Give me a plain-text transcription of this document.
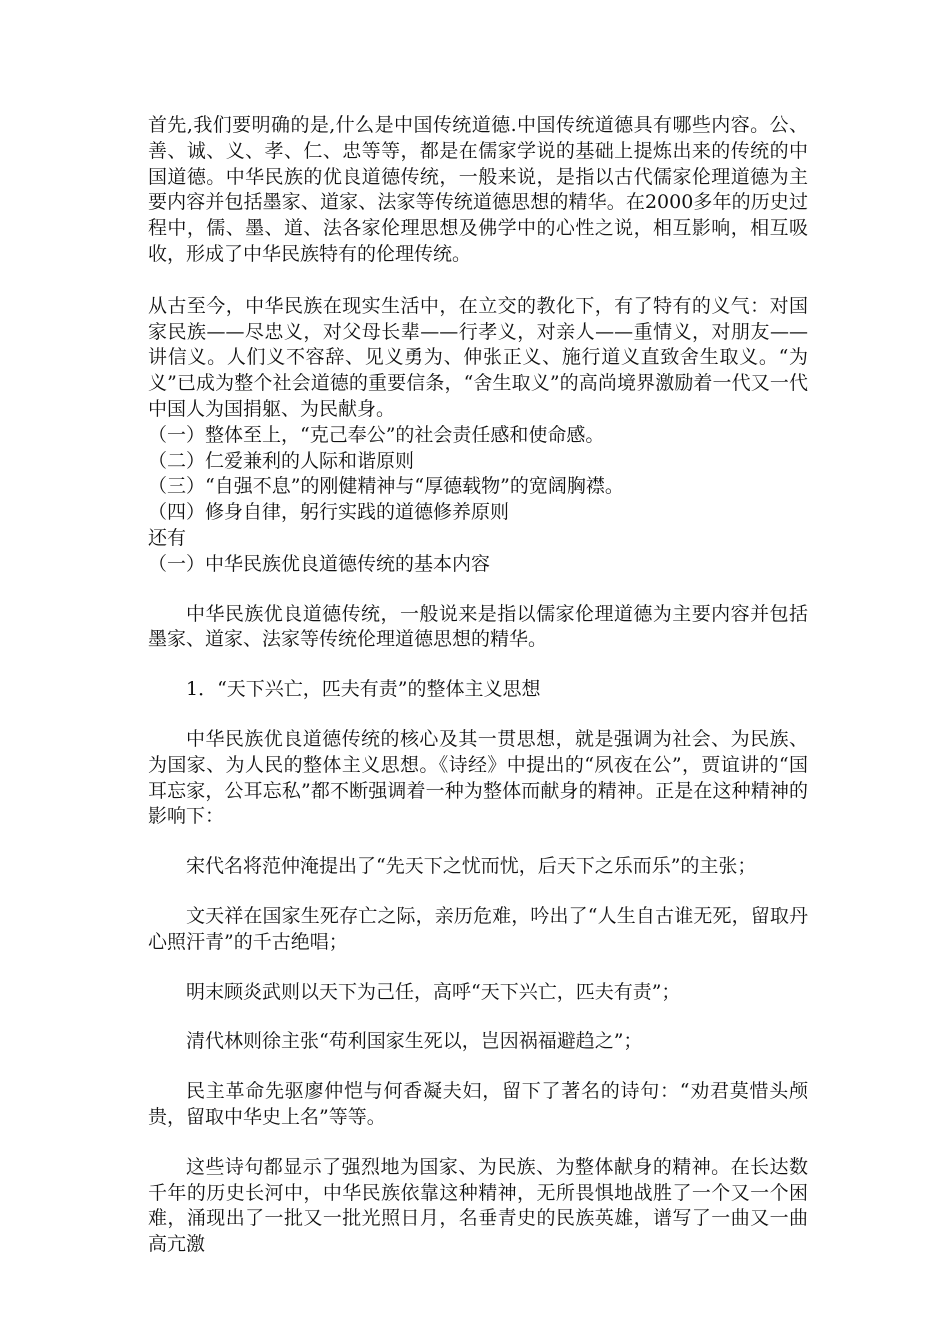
首先,我们要明确的是,什么是中国传统道德.中国传统道德具有哪些内容。公、善、诚、义、孝、仁、忠等等，都是在儒家学说的基础上提炼出来的传统的中国道德。中华民族的优良道德传统，一般来说，是指以古代儒家伦理道德为主要内容并包括墨家、道家、法家等传统道德思想的精华。在2000多年的历史过程中，儒、墨、道、法各家伦理思想及佛学中的心性之说，相互影响，相互吸收，形成了中华民族特有的伦理传统。

从古至今，中华民族在现实生活中，在立交的教化下，有了特有的义气：对国家民族——尽忠义，对父母长辈——行孝义，对亲人——重情义，对朋友——讲信义。人们义不容辞、见义勇为、伸张正义、施行道义直致舍生取义。“为义”已成为整个社会道德的重要信条，“舍生取义”的高尚境界激励着一代又一代中国人为国捐躯、为民献身。

（一）整体至上，“克己奉公”的社会责任感和使命感。

（二）仁爱兼利的人际和谐原则

（三）“自强不息”的刚健精神与“厚德载物”的宽阔胸襟。

（四）修身自律，躬行实践的道德修养原则

还有

（一）中华民族优良道德传统的基本内容

中华民族优良道德传统，一般说来是指以儒家伦理道德为主要内容并包括墨家、道家、法家等传统伦理道德思想的精华。

1．“天下兴亡，匹夫有责”的整体主义思想

中华民族优良道德传统的核心及其一贯思想，就是强调为社会、为民族、为国家、为人民的整体主义思想。《诗经》中提出的“夙夜在公”，贾谊讲的“国耳忘家，公耳忘私”都不断强调着一种为整体而献身的精神。正是在这种精神的影响下：

宋代名将范仲淹提出了“先天下之忧而忧，后天下之乐而乐”的主张；

文天祥在国家生死存亡之际，亲历危难，吟出了“人生自古谁无死，留取丹心照汗青”的千古绝唱；

明末顾炎武则以天下为己任，高呼“天下兴亡，匹夫有责”；

清代林则徐主张“苟利国家生死以，岂因祸福避趋之”；

民主革命先驱廖仲恺与何香凝夫妇，留下了著名的诗句：“劝君莫惜头颅贵，留取中华史上名”等等。

这些诗句都显示了强烈地为国家、为民族、为整体献身的精神。在长达数千年的历史长河中，中华民族依靠这种精神，无所畏惧地战胜了一个又一个困难，涌现出了一批又一批光照日月，名垂青史的民族英雄，谱写了一曲又一曲高亢激
